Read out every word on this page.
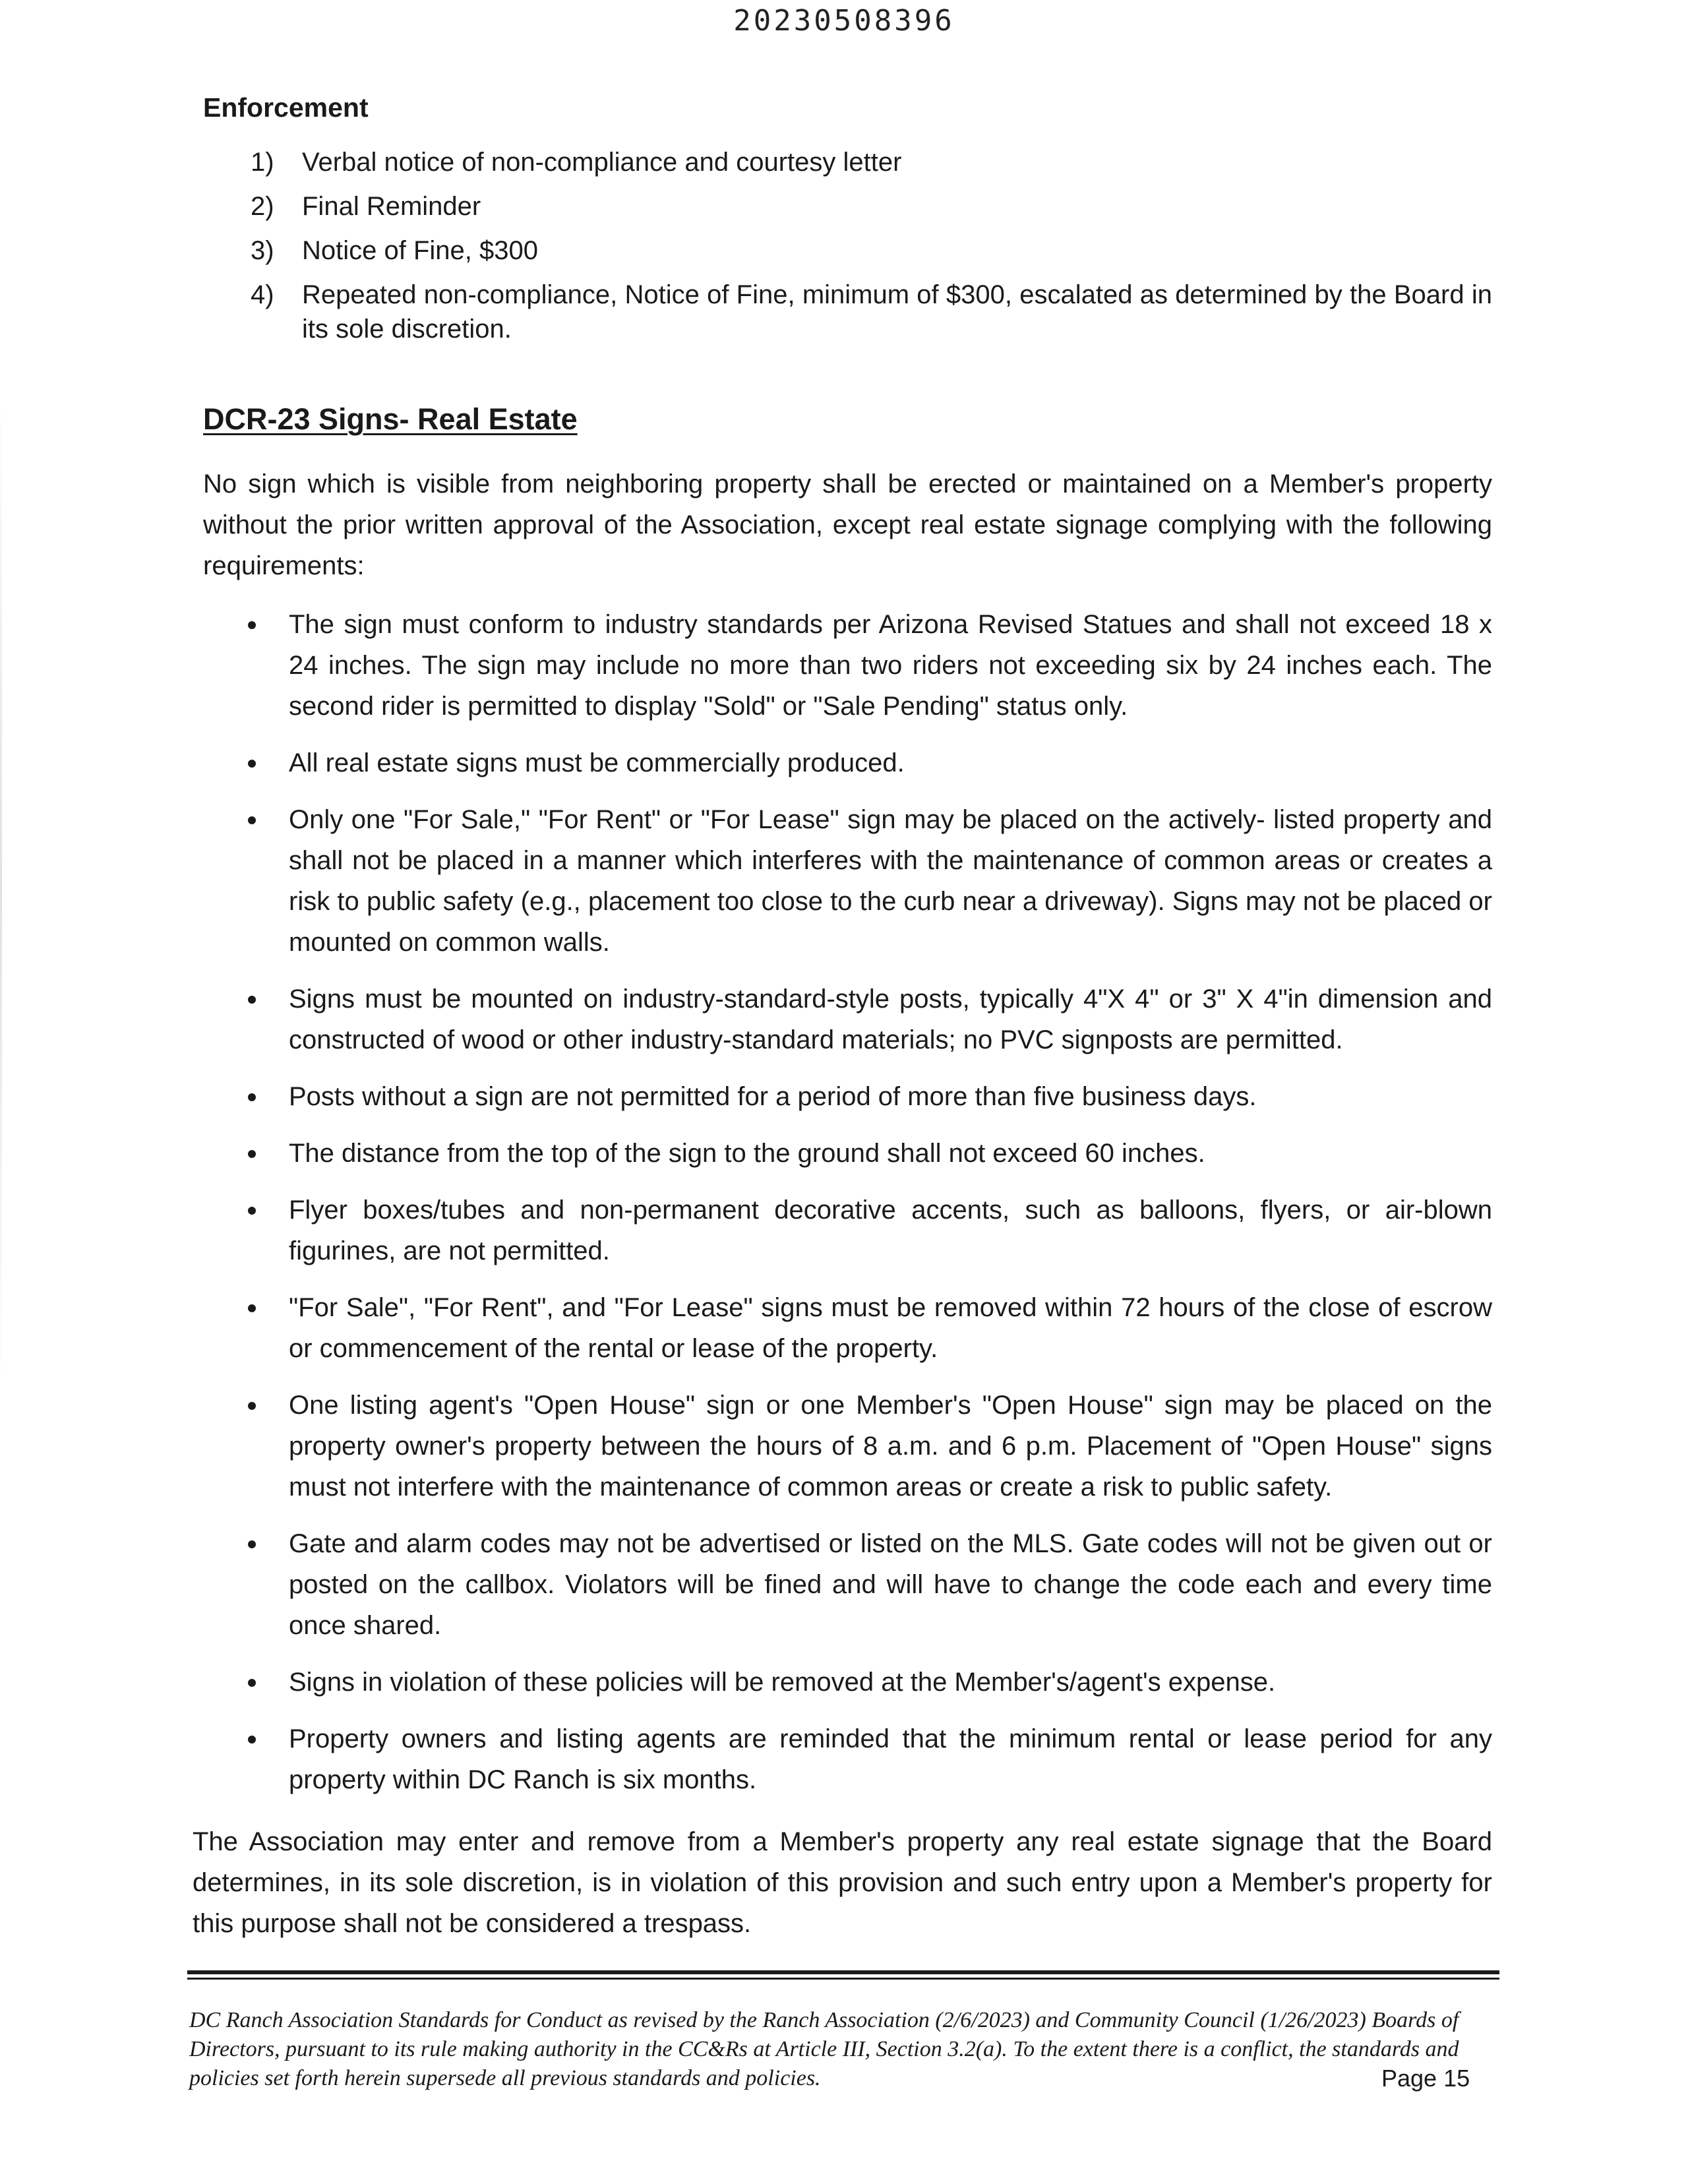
20230508396
Enforcement
1) Verbal notice of non-compliance and courtesy letter
2) Final Reminder
3) Notice of Fine, $300
4) Repeated non-compliance, Notice of Fine, minimum of $300, escalated as determined by the Board in its sole discretion.
DCR-23 Signs- Real Estate

No sign which is visible from neighboring property shall be erected or maintained on a Member's property without the prior written approval of the Association, except real estate signage complying with the following requirements:

The sign must conform to industry standards per Arizona Revised Statues and shall not exceed 18 x 24 inches. The sign may include no more than two riders not exceeding six by 24 inches each. The second rider is permitted to display "Sold" or "Sale Pending" status only.
All real estate signs must be commercially produced.
Only one "For Sale," "For Rent" or "For Lease" sign may be placed on the actively- listed property and shall not be placed in a manner which interferes with the maintenance of common areas or creates a risk to public safety (e.g., placement too close to the curb near a driveway). Signs may not be placed or mounted on common walls.
Signs must be mounted on industry-standard-style posts, typically 4"X 4" or 3" X 4"in dimension and constructed of wood or other industry-standard materials; no PVC signposts are permitted.
Posts without a sign are not permitted for a period of more than five business days.
The distance from the top of the sign to the ground shall not exceed 60 inches.
Flyer boxes/tubes and non-permanent decorative accents, such as balloons, flyers, or air-blown figurines, are not permitted.
"For Sale", "For Rent", and "For Lease" signs must be removed within 72 hours of the close of escrow or commencement of the rental or lease of the property.
One listing agent's "Open House" sign or one Member's "Open House" sign may be placed on the property owner's property between the hours of 8 a.m. and 6 p.m. Placement of "Open House" signs must not interfere with the maintenance of common areas or create a risk to public safety.
Gate and alarm codes may not be advertised or listed on the MLS. Gate codes will not be given out or posted on the callbox. Violators will be fined and will have to change the code each and every time once shared.
Signs in violation of these policies will be removed at the Member's/agent's expense.
Property owners and listing agents are reminded that the minimum rental or lease period for any property within DC Ranch is six months.

The Association may enter and remove from a Member's property any real estate signage that the Board determines, in its sole discretion, is in violation of this provision and such entry upon a Member's property for this purpose shall not be considered a trespass.

DC Ranch Association Standards for Conduct as revised by the Ranch Association (2/6/2023) and Community Council (1/26/2023) Boards of Directors, pursuant to its rule making authority in the CC&Rs at Article III, Section 3.2(a). To the extent there is a conflict, the standards and policies set forth herein supersede all previous standards and policies.	Page 15
